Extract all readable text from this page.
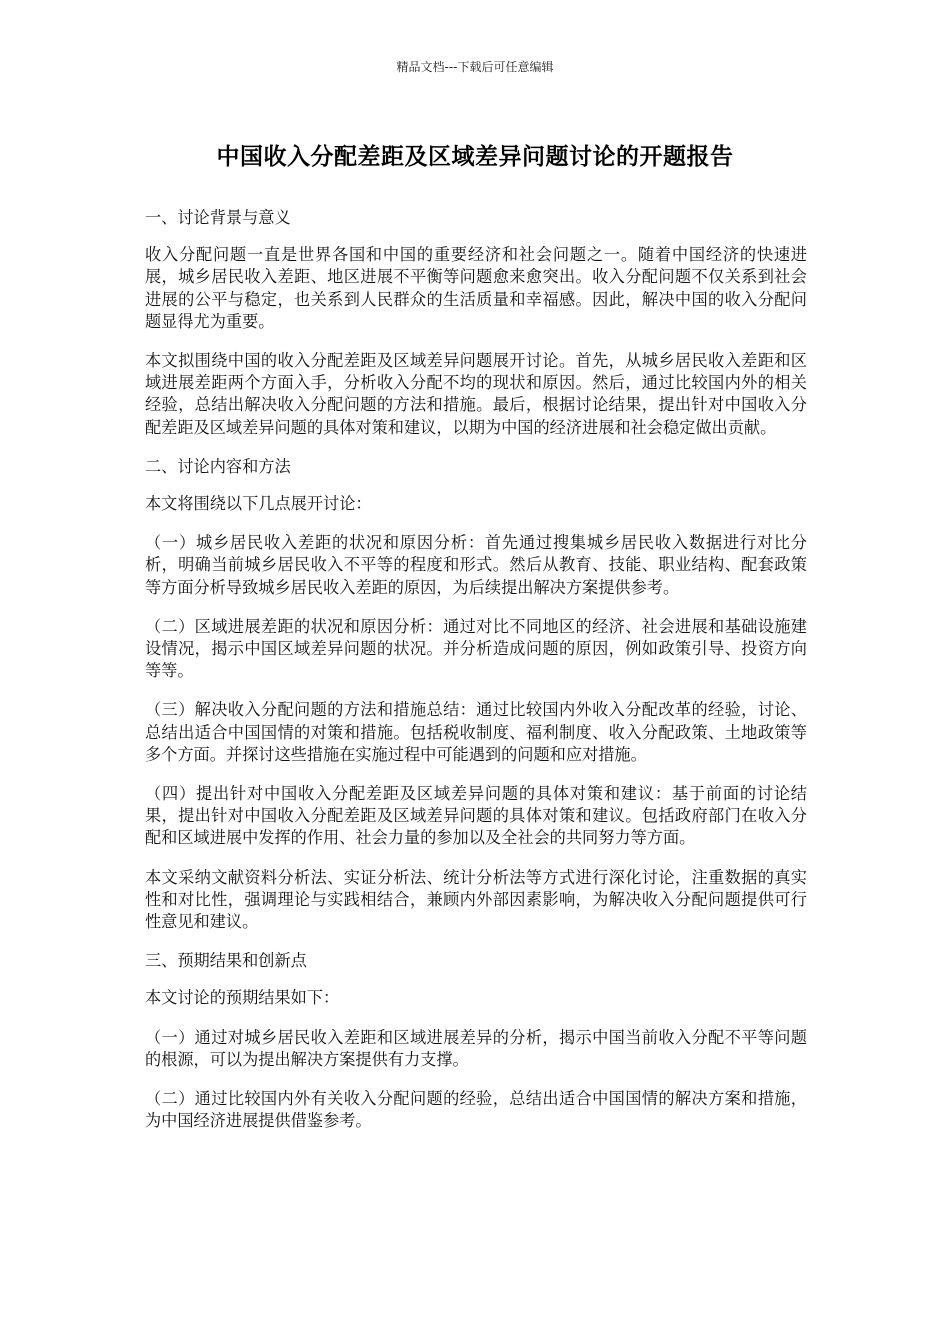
精品文档---下载后可任意编辑
中国收入分配差距及区域差异问题讨论的开题报告

一、讨论背景与意义

收入分配问题一直是世界各国和中国的重要经济和社会问题之一。随着中国经济的快速进展，城乡居民收入差距、地区进展不平衡等问题愈来愈突出。收入分配问题不仅关系到社会进展的公平与稳定，也关系到人民群众的生活质量和幸福感。因此，解决中国的收入分配问题显得尤为重要。

本文拟围绕中国的收入分配差距及区域差异问题展开讨论。首先，从城乡居民收入差距和区域进展差距两个方面入手，分析收入分配不均的现状和原因。然后，通过比较国内外的相关经验，总结出解决收入分配问题的方法和措施。最后，根据讨论结果，提出针对中国收入分配差距及区域差异问题的具体对策和建议，以期为中国的经济进展和社会稳定做出贡献。

二、讨论内容和方法

本文将围绕以下几点展开讨论：

（一）城乡居民收入差距的状况和原因分析：首先通过搜集城乡居民收入数据进行对比分析，明确当前城乡居民收入不平等的程度和形式。然后从教育、技能、职业结构、配套政策等方面分析导致城乡居民收入差距的原因，为后续提出解决方案提供参考。

（二）区域进展差距的状况和原因分析：通过对比不同地区的经济、社会进展和基础设施建设情况，揭示中国区域差异问题的状况。并分析造成问题的原因，例如政策引导、投资方向等等。

（三）解决收入分配问题的方法和措施总结：通过比较国内外收入分配改革的经验，讨论、总结出适合中国国情的对策和措施。包括税收制度、福利制度、收入分配政策、土地政策等多个方面。并探讨这些措施在实施过程中可能遇到的问题和应对措施。

（四）提出针对中国收入分配差距及区域差异问题的具体对策和建议：基于前面的讨论结果，提出针对中国收入分配差距及区域差异问题的具体对策和建议。包括政府部门在收入分配和区域进展中发挥的作用、社会力量的参加以及全社会的共同努力等方面。

本文采纳文献资料分析法、实证分析法、统计分析法等方式进行深化讨论，注重数据的真实性和对比性，强调理论与实践相结合，兼顾内外部因素影响，为解决收入分配问题提供可行性意见和建议。

三、预期结果和创新点

本文讨论的预期结果如下：

（一）通过对城乡居民收入差距和区域进展差异的分析，揭示中国当前收入分配不平等问题的根源，可以为提出解决方案提供有力支撑。

（二）通过比较国内外有关收入分配问题的经验，总结出适合中国国情的解决方案和措施，为中国经济进展提供借鉴参考。
